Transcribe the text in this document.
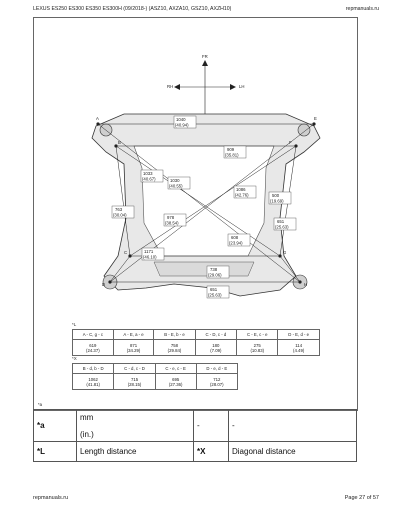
LEXUS ES250 ES300 ES350 ES300H (09/2018-) (ASZ10, AXZA10, GSZ10, AXZH10)	repmanuals.ru
FR
RH	LH
A
B
C
D
E
F
G
H
1040
(40.94)
909
(35.81)
1033
(40.67)	1030
(40.55)
1086
(42.76)	500
(19.69)
763
(30.04)	978
(38.54)	651
(25.63)
608
(23.94)
1171
(46.10)
738
(29.06)
651
(25.63)
*a
*L
A - C, g - c	A - E, a - e	B - E, b - e	C - D, c - d	C - E, c - e	D - E, d - e
619
(24.37)	871
(34.29)	758
(29.84)	180
(7.09)	275
(10.83)	114
(4.49)
*X
B - d, b - D	C - d, c - D	C - e, c - E	D - e, d - E
1062
(41.81)	715
(28.15)	695
(27.36)	712
(28.07)
*a	mm
(in.)	-	-
*L	Length distance	*X	Diagonal distance
repmanuals.ru	Page 27 of 57
